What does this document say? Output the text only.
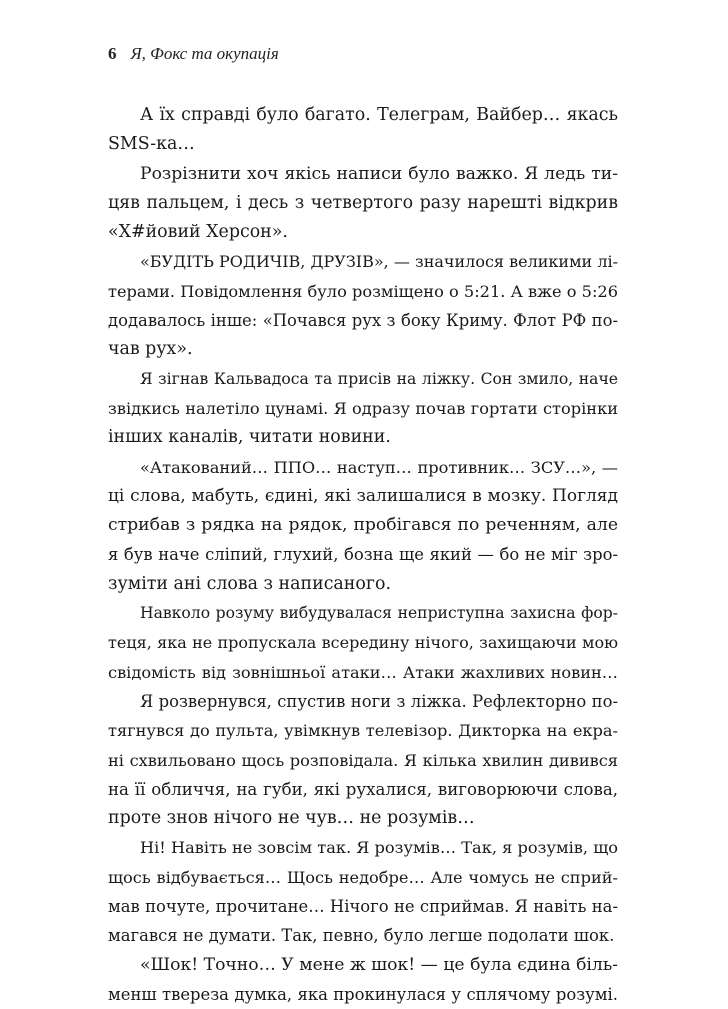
6 Я, Фокс та окупація
А їх справді було багато. Телеграм, Вайбер… якась
SMS-ка…
Розрізнити хоч якісь написи було важко. Я ледь ти-
цяв пальцем, і десь з четвертого разу нарешті відкрив
«Х#йовий Херсон».
«БУДІТЬ РОДИЧІВ, ДРУЗІВ», — значилося великими лі-
терами. Повідомлення було розміщено о 5:21. А вже о 5:26
додавалось інше: «Почався рух з боку Криму. Флот РФ по-
чав рух».
Я зігнав Кальвадоса та присів на ліжку. Сон змило, наче
звідкись налетіло цунамі. Я одразу почав гортати сторінки
інших каналів, читати новини.
«Атакований… ППО… наступ… противник… ЗСУ…», —
ці слова, мабуть, єдині, які залишалися в мозку. Погляд
стрибав з рядка на рядок, пробігався по реченням, але
я був наче сліпий, глухий, бозна ще який — бо не міг зро-
зуміти ані слова з написаного.
Навколо розуму вибудувалася неприступна захисна фор-
теця, яка не пропускала всередину нічого, захищаючи мою
свідомість від зовнішньої атаки… Атаки жахливих новин…
Я розвернувся, спустив ноги з ліжка. Рефлекторно по-
тягнувся до пульта, увімкнув телевізор. Дикторка на екра-
ні схвильовано щось розповідала. Я кілька хвилин дивився
на її обличчя, на губи, які рухалися, виговорюючи слова,
проте знов нічого не чув… не розумів…
Ні! Навіть не зовсім так. Я розумів… Так, я розумів, що
щось відбувається… Щось недобре… Але чомусь не сприй-
мав почуте, прочитане… Нічого не сприймав. Я навіть на-
магався не думати. Так, певно, було легше подолати шок.
«Шок! Точно… У мене ж шок! — це була єдина біль-
менш твереза думка, яка прокинулася у сплячому розумі.
